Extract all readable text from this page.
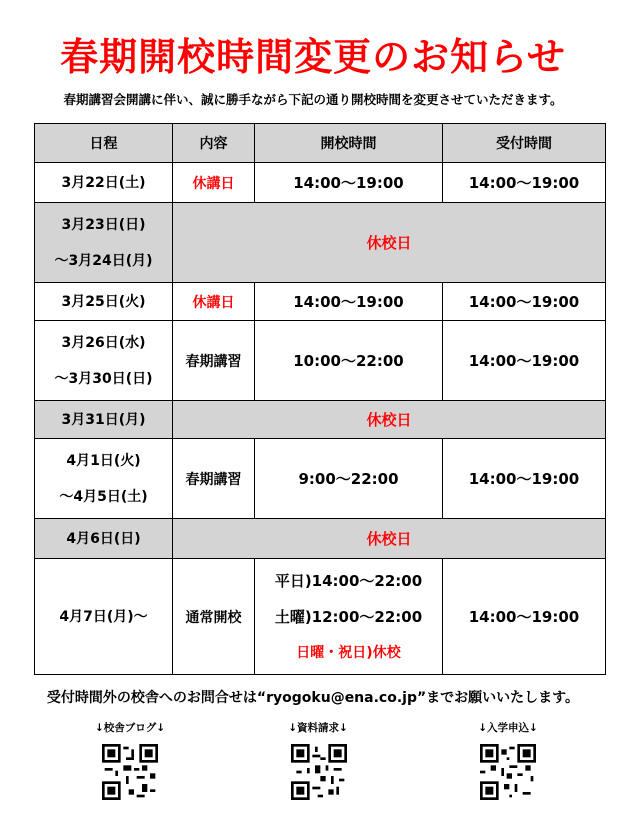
春期開校時間変更のお知らせ
春期講習会開講に伴い、誠に勝手ながら下記の通り開校時間を変更させていただきます。
日程	内容	開校時間	受付時間
3月22日(土)	休講日	14:00～19:00	14:00～19:00

3月23日(日)
～3月24日(月)	休校日		
3月25日(火)	休講日	14:00～19:00	14:00～19:00

3月26日(水)
～3月30日(日)	春期講習	10:00～22:00	14:00～19:00
3月31日(月)	休校日		

4月1日(火)
～4月5日(土)	春期講習	9:00～22:00	14:00～19:00
4月6日(日)	休校日		
4月7日(月)～	通常開校	平日)14:00～22:00
土曜)12:00～22:00
日曜・祝日)休校	14:00～19:00
受付時間外の校舎へのお問合せは“ryogoku@ena.co.jp”までお願いいたします。
↓校舎ブログ↓	↓資料請求↓	↓入学申込↓
